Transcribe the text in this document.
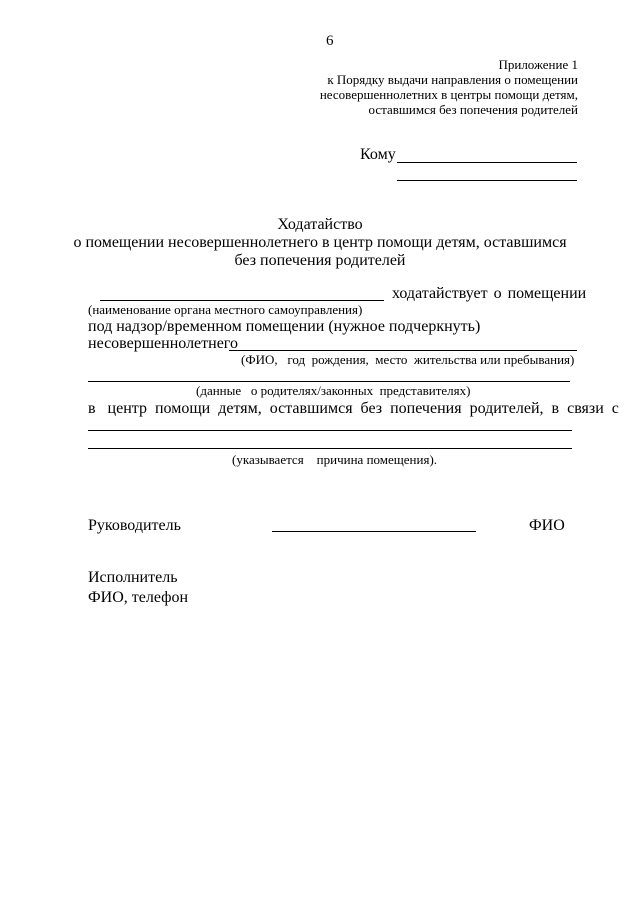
6
Приложение 1
к Порядку выдачи направления о помещении
несовершеннолетних в центры помощи детям,
оставшимся без попечения родителей
Кому
Ходатайство
о помещении несовершеннолетнего в центр помощи детям, оставшимся
без попечения родителей
ходатайствует о помещении
(наименование органа местного самоуправления)
под надзор/временном помещении (нужное подчеркнуть)
несовершеннолетнего
(ФИО,   год  рождения,  место  жительства или пребывания)
(данные   о родителях/законных  представителях)
в   центр  помощи  детям,  оставшимся  без  попечения  родителей,  в  связи  с
(указывается    причина помещения).
Руководитель	ФИО
Исполнитель
ФИО, телефон
